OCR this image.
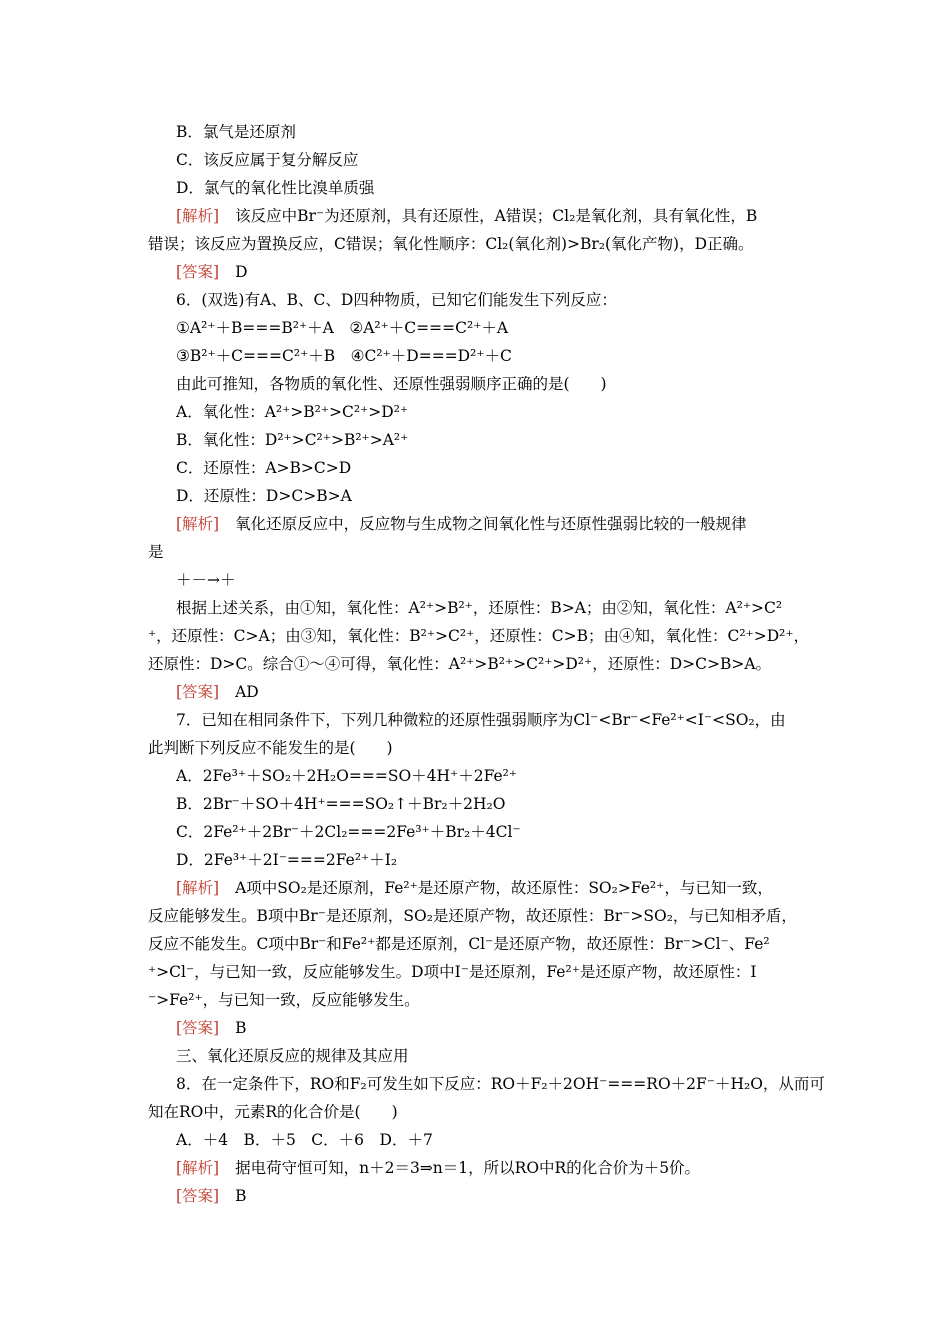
B．氯气是还原剂
C．该反应属于复分解反应
D．氯气的氧化性比溴单质强
[解析] 该反应中Br⁻为还原剂，具有还原性，A错误；Cl₂是氧化剂，具有氧化性，B
错误；该反应为置换反应，C错误；氧化性顺序：Cl₂(氧化剂)>Br₂(氧化产物)，D正确。
[答案] D
6．(双选)有A、B、C、D四种物质，已知它们能发生下列反应：
①A²⁺＋B===B²⁺＋A　②A²⁺＋C===C²⁺＋A
③B²⁺＋C===C²⁺＋B　④C²⁺＋D===D²⁺＋C
由此可推知，各物质的氧化性、还原性强弱顺序正确的是(　　)
A．氧化性：A²⁺>B²⁺>C²⁺>D²⁺
B．氧化性：D²⁺>C²⁺>B²⁺>A²⁺
C．还原性：A>B>C>D
D．还原性：D>C>B>A
[解析] 氧化还原反应中，反应物与生成物之间氧化性与还原性强弱比较的一般规律
是
＋－→＋
根据上述关系，由①知，氧化性：A²⁺>B²⁺，还原性：B>A；由②知，氧化性：A²⁺>C²
⁺，还原性：C>A；由③知，氧化性：B²⁺>C²⁺，还原性：C>B；由④知，氧化性：C²⁺>D²⁺，
还原性：D>C。综合①～④可得，氧化性：A²⁺>B²⁺>C²⁺>D²⁺，还原性：D>C>B>A。
[答案] AD
7．已知在相同条件下，下列几种微粒的还原性强弱顺序为Cl⁻<Br⁻<Fe²⁺<I⁻<SO₂，由
此判断下列反应不能发生的是(　　)
A．2Fe³⁺＋SO₂＋2H₂O===SO＋4H⁺＋2Fe²⁺
B．2Br⁻＋SO＋4H⁺===SO₂↑＋Br₂＋2H₂O
C．2Fe²⁺＋2Br⁻＋2Cl₂===2Fe³⁺＋Br₂＋4Cl⁻
D．2Fe³⁺＋2I⁻===2Fe²⁺＋I₂
[解析] A项中SO₂是还原剂，Fe²⁺是还原产物，故还原性：SO₂>Fe²⁺，与已知一致，
反应能够发生。B项中Br⁻是还原剂，SO₂是还原产物，故还原性：Br⁻>SO₂，与已知相矛盾，
反应不能发生。C项中Br⁻和Fe²⁺都是还原剂，Cl⁻是还原产物，故还原性：Br⁻>Cl⁻、Fe²
⁺>Cl⁻，与已知一致，反应能够发生。D项中I⁻是还原剂，Fe²⁺是还原产物，故还原性：I
⁻>Fe²⁺，与已知一致，反应能够发生。
[答案] B
三、氧化还原反应的规律及其应用
8．在一定条件下，RO和F₂可发生如下反应：RO＋F₂＋2OH⁻===RO＋2F⁻＋H₂O，从而可
知在RO中，元素R的化合价是(　　)
A．＋4　B．＋5　C．＋6　D．＋7
[解析] 据电荷守恒可知，n＋2＝3⇒n＝1，所以RO中R的化合价为＋5价。
[答案] B
